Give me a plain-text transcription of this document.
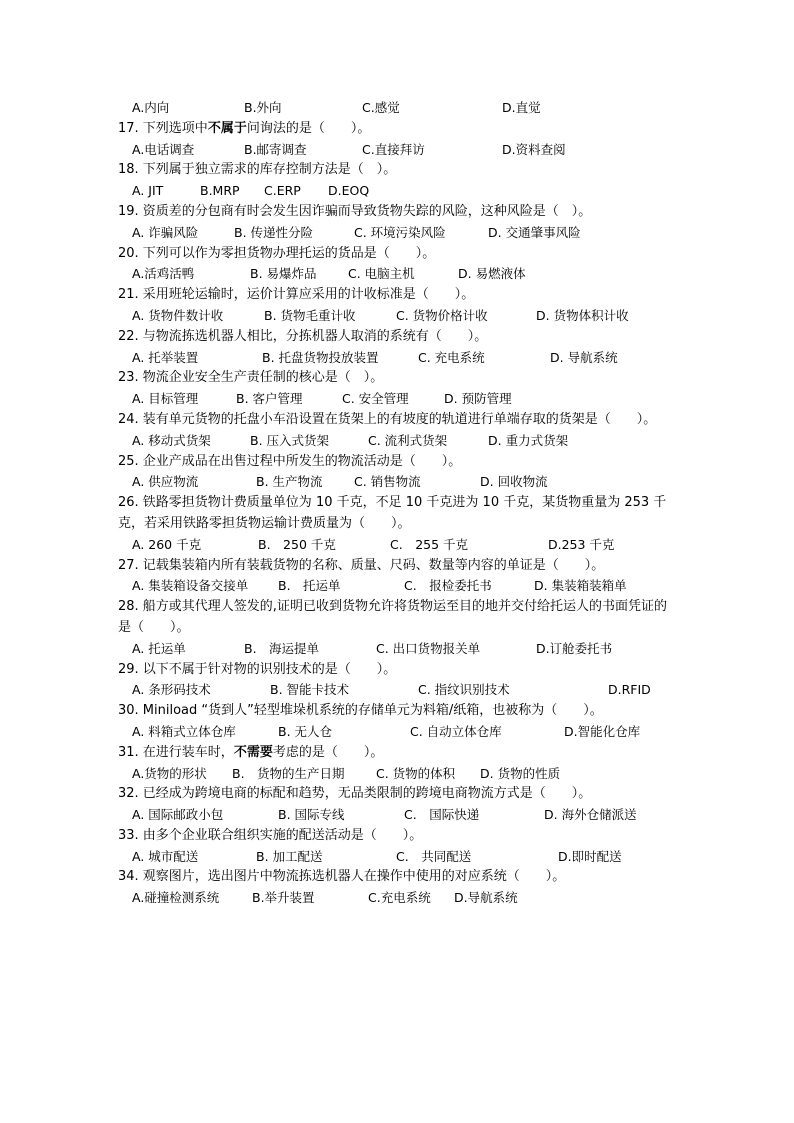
A.内向	B.外向	C.感觉	D.直觉
17. 下列选项中不属于问询法的是（　　）。
A.电话调查	B.邮寄调查	C.直接拜访	D.资料查阅
18. 下列属于独立需求的库存控制方法是（　）。
A. JIT	B.MRP C.ERP D.EOQ
19. 资质差的分包商有时会发生因诈骗而导致货物失踪的风险，这种风险是（　）。
A. 诈骗风险	B. 传递性分险	C. 环境污染风险	D. 交通肇事风险
20. 下列可以作为零担货物办理托运的货品是（　　）。
A.活鸡活鸭	B. 易爆炸品	C. 电脑主机	D. 易燃液体
21. 采用班轮运输时，运价计算应采用的计收标准是（　　）。
A. 货物件数计收	B. 货物毛重计收	C. 货物价格计收	D. 货物体积计收
22. 与物流拣选机器人相比，分拣机器人取消的系统有（　　）。
A. 托举装置	B. 托盘货物投放装置	C. 充电系统	D. 导航系统
23. 物流企业安全生产责任制的核心是（　）。
A. 目标管理	B. 客户管理	C. 安全管理	D. 预防管理
24. 装有单元货物的托盘小车沿设置在货架上的有坡度的轨道进行单端存取的货架是（　　）。
A. 移动式货架	B. 压入式货架	C. 流利式货架	D. 重力式货架
25. 企业产成品在出售过程中所发生的物流活动是（　　）。
A. 供应物流	B. 生产物流	C. 销售物流	D. 回收物流
26. 铁路零担货物计费质量单位为 10 千克，不足 10 千克进为 10 千克，某货物重量为 253 千克，若采用铁路零担货物运输计费质量为（　　）。
A. 260 千克	B.　250 千克	C.　255 千克	D.253 千克
27. 记载集装箱内所有装载货物的名称、质量、尺码、数量等内容的单证是（　　）。
A. 集装箱设备交接单 B.　托运单	C.　报检委托书	D. 集装箱装箱单
28. 船方或其代理人签发的,证明已收到货物允许将货物运至目的地并交付给托运人的书面凭证的是（　　）。
A. 托运单	B.　海运提单	C. 出口货物报关单	D.订舱委托书
29. 以下不属于针对物的识别技术的是（　　）。
A. 条形码技术	B. 智能卡技术	C. 指纹识别技术	D.RFID
30. Miniload “货到人”轻型堆垛机系统的存储单元为料箱/纸箱，也被称为（　　）。
A. 料箱式立体仓库	B. 无人仓	C. 自动立体仓库	D.智能化仓库
31. 在进行装车时，不需要考虑的是（　　）。
A.货物的形状 B.　货物的生产日期	C. 货物的体积 D. 货物的性质
32. 已经成为跨境电商的标配和趋势，无品类限制的跨境电商物流方式是（　　）。
A. 国际邮政小包	B. 国际专线	C.　国际快递	D. 海外仓储派送
33. 由多个企业联合组织实施的配送活动是（　　）。
A. 城市配送	B. 加工配送	C.　共同配送	D.即时配送
34. 观察图片，选出图片中物流拣选机器人在操作中使用的对应系统（　　）。
A.碰撞检测系统	B.举升装置	C.充电系统 D.导航系统
